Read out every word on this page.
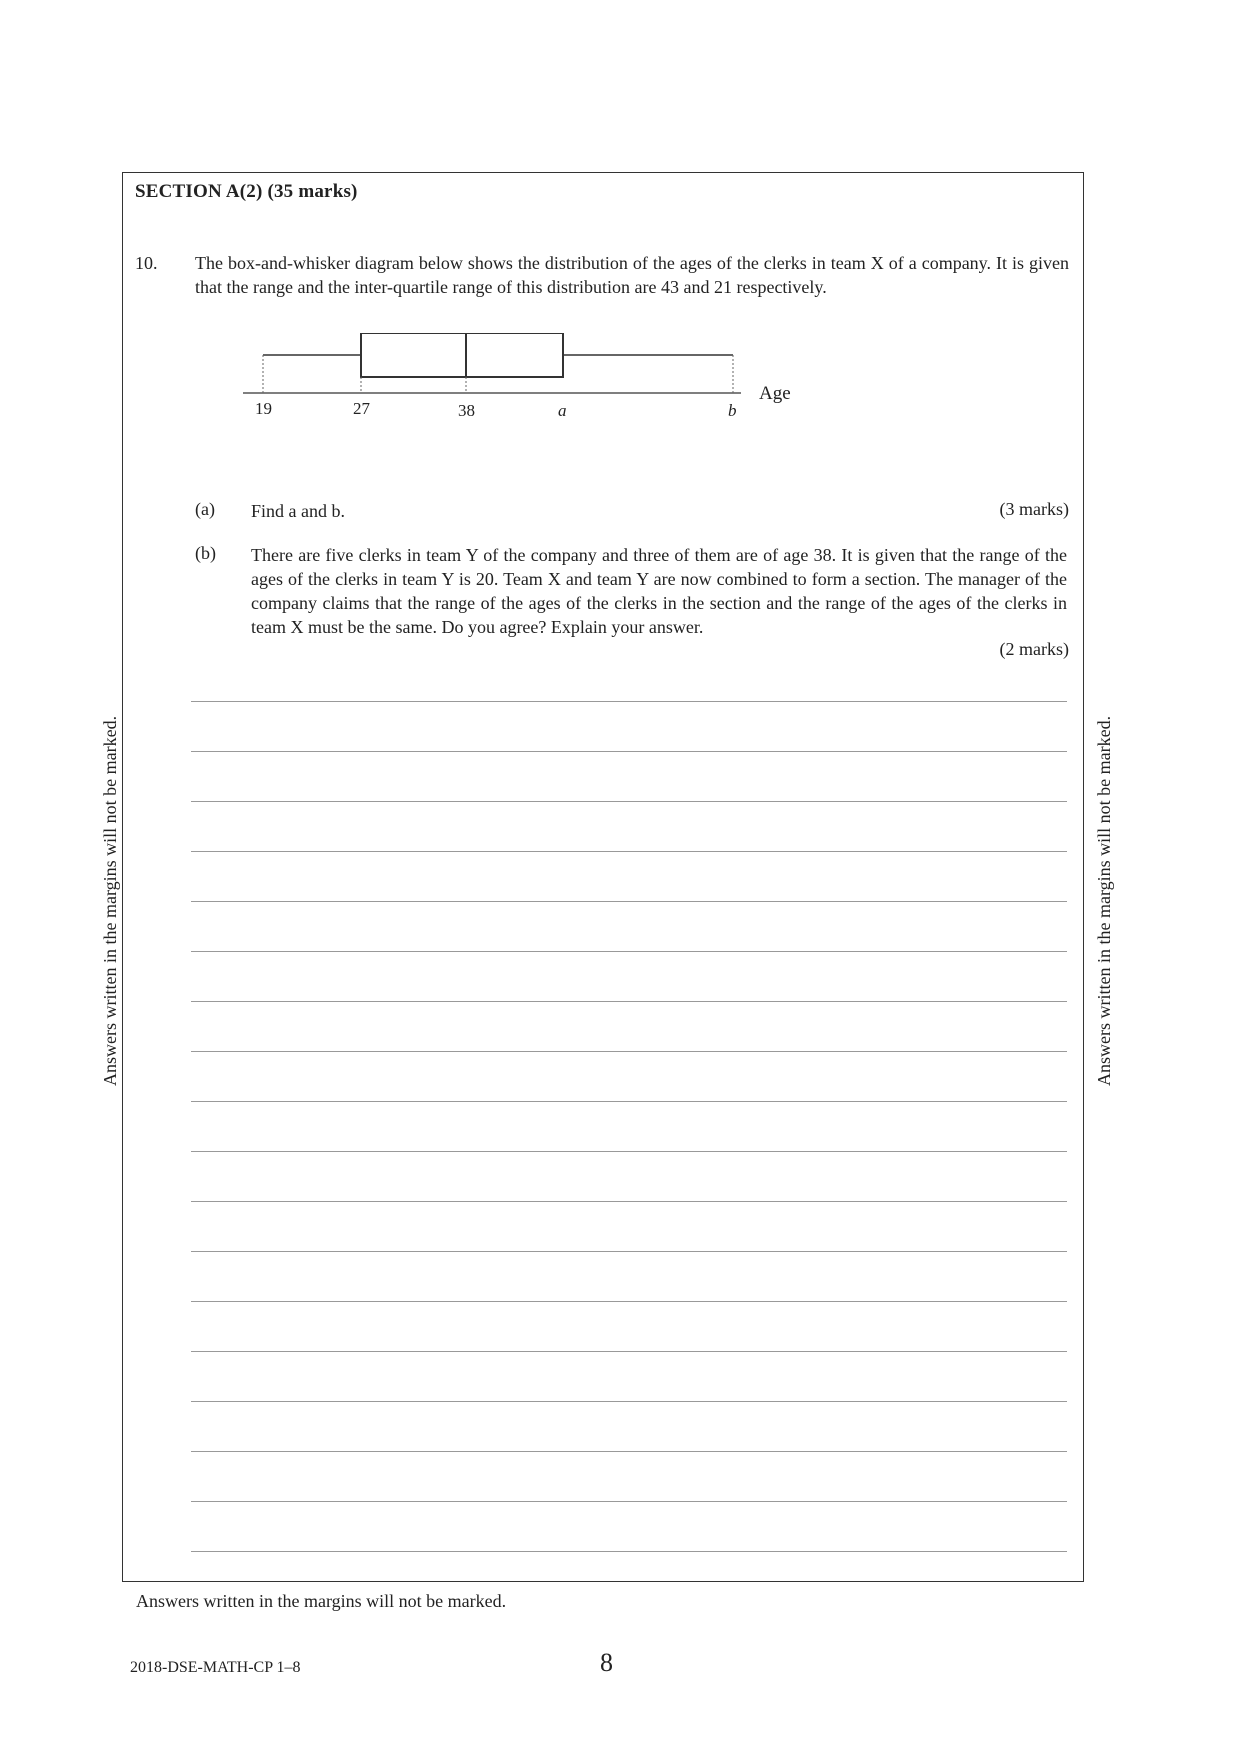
SECTION A(2) (35 marks)
10. The box-and-whisker diagram below shows the distribution of the ages of the clerks in team X of a company. It is given that the range and the inter-quartile range of this distribution are 43 and 21 respectively.
19	27	38	a	b
Age
(a) Find a and b.	(3 marks)
(b) There are five clerks in team Y of the company and three of them are of age 38. It is given that the range of the ages of the clerks in team Y is 20. Team X and team Y are now combined to form a section. The manager of the company claims that the range of the ages of the clerks in the section and the range of the ages of the clerks in team X must be the same. Do you agree? Explain your answer.
(2 marks)
Answers written in the margins will not be marked.	Answers written in the margins will not be marked.
Answers written in the margins will not be marked.
2018-DSE-MATH-CP 1–8	8
